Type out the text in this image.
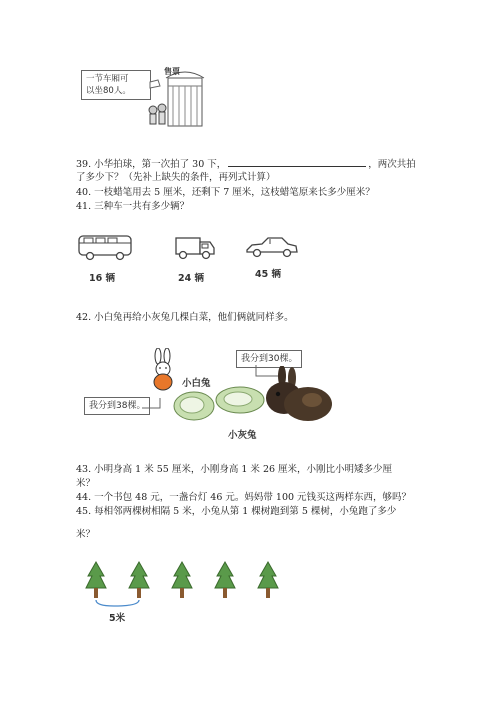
一节车厢可
以坐80人。
售票
39. 小华拍球，第一次拍了 30 下，	，两次共拍
了多少下？（先补上缺失的条件，再列式计算）
40. 一枝蜡笔用去 5 厘米，还剩下 7 厘米，这枝蜡笔原来长多少厘米？
41. 三种车一共有多少辆？
16 辆	24 辆	45 辆
42. 小白兔再给小灰兔几棵白菜，他们俩就同样多。
我分到30棵。
我分到38棵。
小白兔
小灰兔
43. 小明身高 1 米 55 厘米，小刚身高 1 米 26 厘米，小刚比小明矮多少厘
米？
44. 一个书包 48 元，一盏台灯 46 元。妈妈带 100 元钱买这两样东西，够吗？
45. 每相邻两棵树相隔 5 米，小兔从第 1 棵树跑到第 5 棵树，小兔跑了多少
米？
5米
